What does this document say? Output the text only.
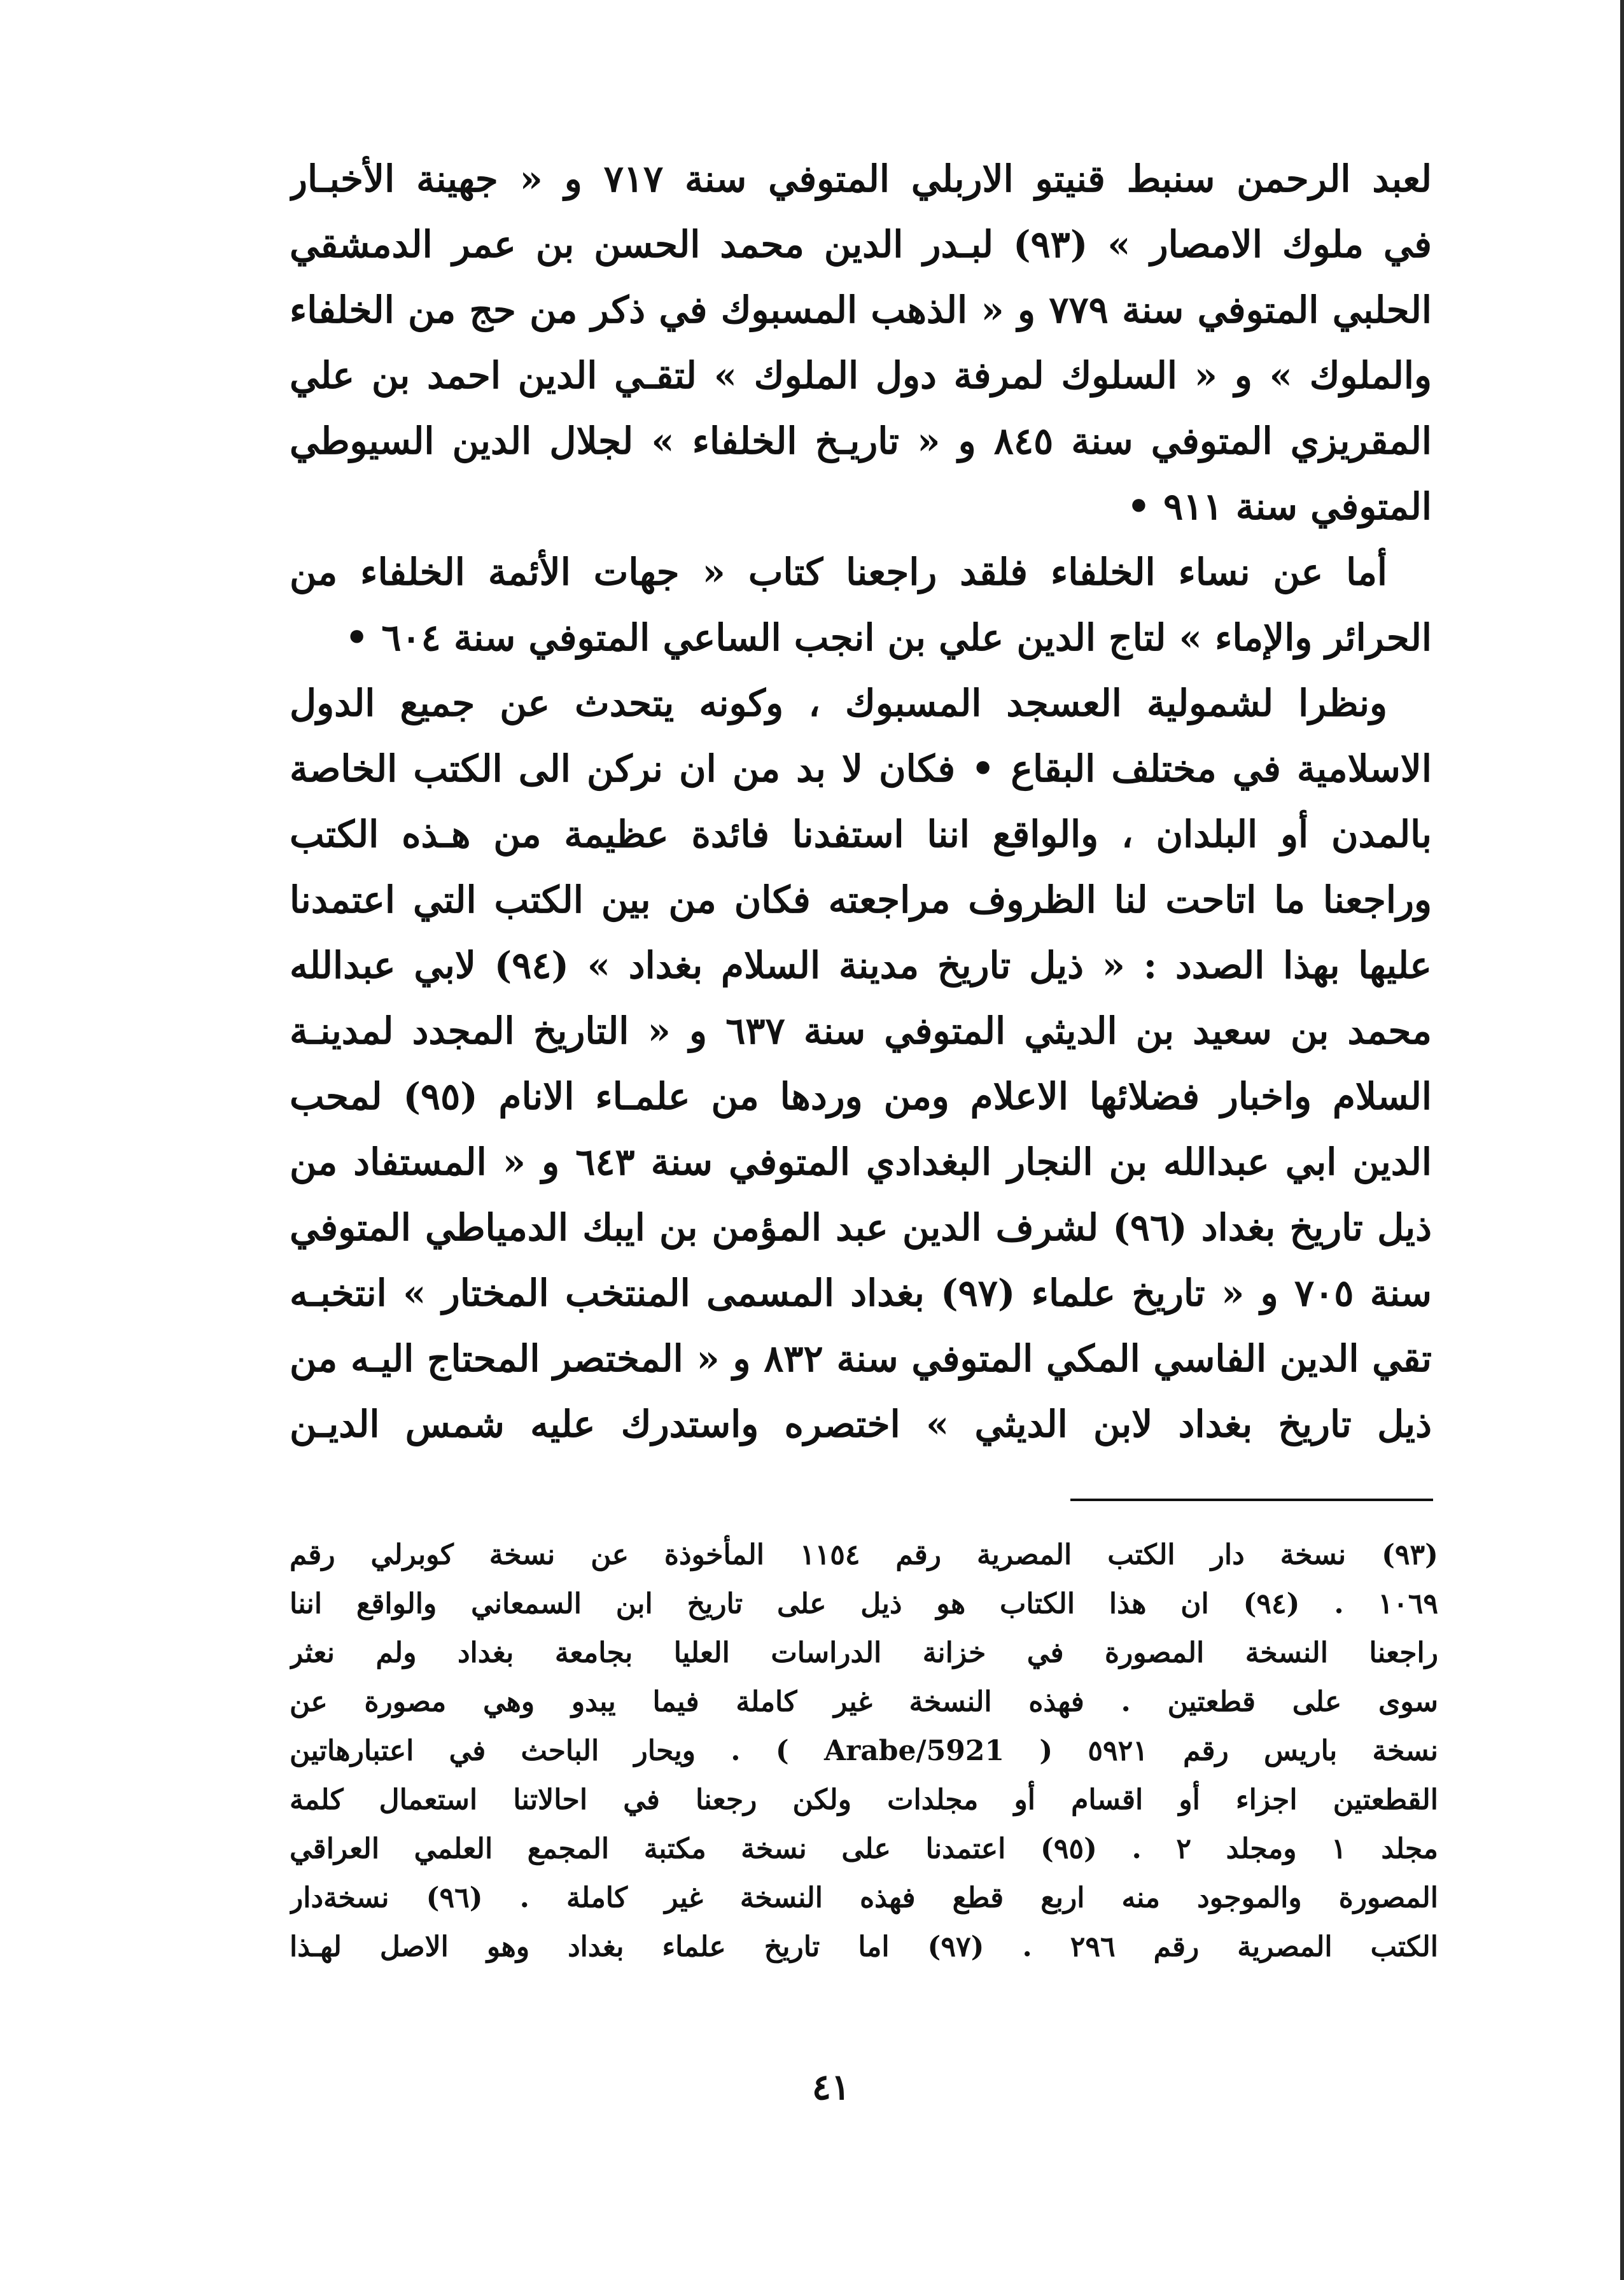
لعبد الرحمن سنبط قنيتو الاربلي المتوفي سنة ٧١٧ و « جهينة الأخبـار
في ملوك الامصار » (٩٣) لبـدر الدين محمد الحسن بن عمر الدمشقي
الحلبي المتوفي سنة ٧٧٩ و « الذهب المسبوك في ذكر من حج من الخلفاء
والملوك » و « السلوك لمرفة دول الملوك » لتقـي الدين احمد بن علي
المقريزي المتوفي سنة ٨٤٥ و « تاريـخ الخلفاء » لجلال الدين السيوطي
المتوفي سنة ٩١١ •
أما عن نساء الخلفاء فلقد راجعنا كتاب « جهات الأئمة الخلفاء من
الحرائر والإماء » لتاج الدين علي بن انجب الساعي المتوفي سنة ٦٠٤ •
ونظرا لشمولية العسجد المسبوك ، وكونه يتحدث عن جميع الدول
الاسلامية في مختلف البقاع • فكان لا بد من ان نركن الى الكتب الخاصة
بالمدن أو البلدان ، والواقع اننا استفدنا فائدة عظيمة من هـذه الكتب
وراجعنا ما اتاحت لنا الظروف مراجعته فكان من بين الكتب التي اعتمدنا
عليها بهذا الصدد : « ذيل تاريخ مدينة السلام بغداد » (٩٤) لابي عبدالله
محمد بن سعيد بن الديثي المتوفي سنة ٦٣٧ و « التاريخ المجدد لمدينـة
السلام واخبار فضلائها الاعلام ومن وردها من علمـاء الانام (٩٥) لمحب
الدين ابي عبدالله بن النجار البغدادي المتوفي سنة ٦٤٣ و « المستفاد من
ذيل تاريخ بغداد (٩٦) لشرف الدين عبد المؤمن بن ايبك الدمياطي المتوفي
سنة ٧٠٥ و « تاريخ علماء (٩٧) بغداد المسمى المنتخب المختار » انتخبـه
تقي الدين الفاسي المكي المتوفي سنة ٨٣٢ و « المختصر المحتاج اليـه من
ذيل تاريخ بغداد لابن الديثي » اختصره واستدرك عليه شمس الديـن
(٩٣) نسخة دار الكتب المصرية رقم ١١٥٤ المأخوذة عن نسخة كوبرلي رقم
١٠٦٩ . (٩٤) ان هذا الكتاب هو ذيل على تاريخ ابن السمعاني والواقع اننا
راجعنا النسخة المصورة في خزانة الدراسات العليا بجامعة بغداد ولم نعثر
سوى على قطعتين . فهذه النسخة غير كاملة فيما يبدو وهي مصورة عن
نسخة باريس رقم ٥٩٢١ ( Arabe/5921 ) . ويحار الباحث في اعتبارهاتين
القطعتين اجزاء أو اقسام أو مجلدات ولكن رجعنا في احالاتنا استعمال كلمة
مجلد ١ ومجلد ٢ . (٩٥) اعتمدنا على نسخة مكتبة المجمع العلمي العراقي
المصورة والموجود منه اربع قطع فهذه النسخة غير كاملة . (٩٦) نسخةدار
الكتب المصرية رقم ٢٩٦ . (٩٧) اما تاريخ علماء بغداد وهو الاصل لهـذا
٤١
